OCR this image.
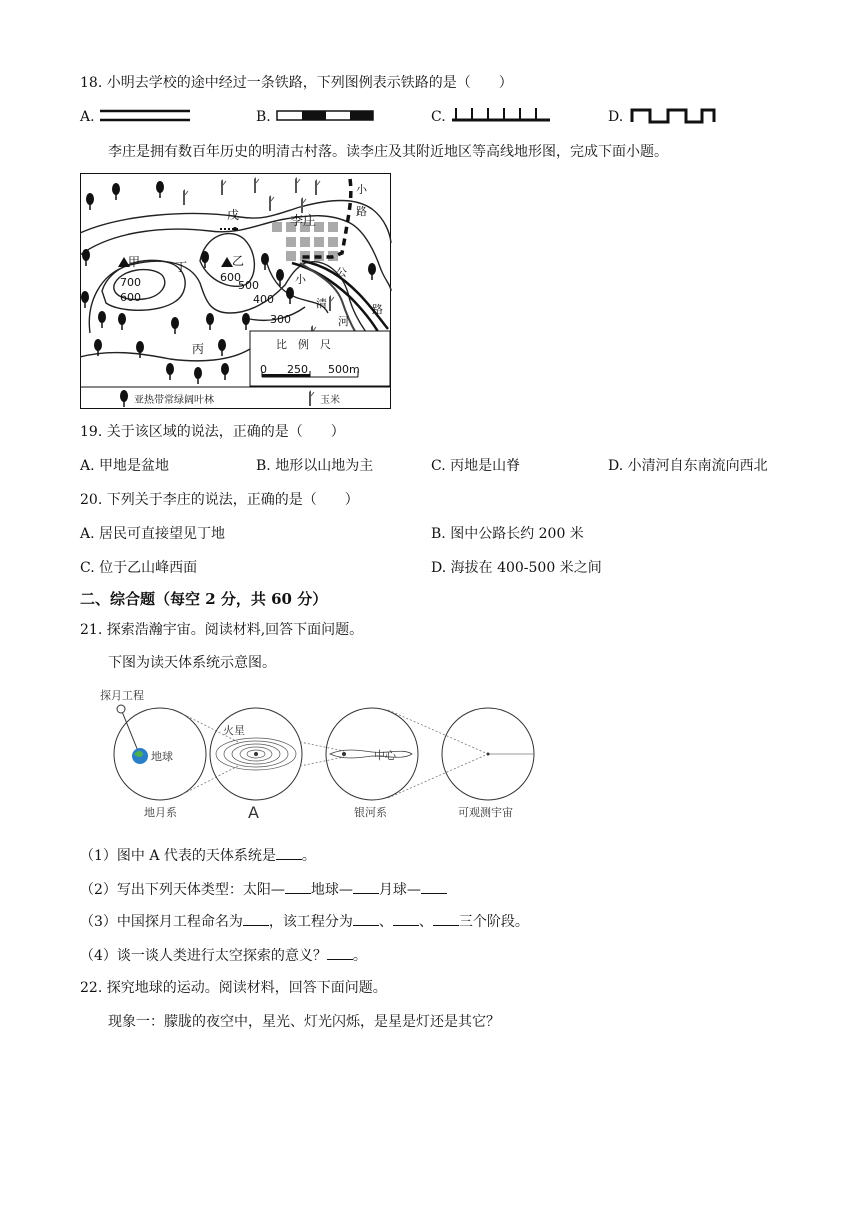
18. 小明去学校的途中经过一条铁路，下列图例表示铁路的是（　　）
A.	B.	C.	D.
李庄是拥有数百年历史的明清古村落。读李庄及其附近地区等高线地形图，完成下面小题。
戊	李庄
甲	乙
丁
丙
700
600
600
500
400
300
小
路
公
路
小
清
河
比　例　尺
0 250 500m
亚热带常绿阔叶林	玉米
19. 关于该区域的说法，正确的是（　　）
A. 甲地是盆地	B. 地形以山地为主	C. 丙地是山脊	D. 小清河自东南流向西北
20. 下列关于李庄的说法，正确的是（　　）
A. 居民可直接望见丁地	B. 图中公路长约 200 米
C. 位于乙山峰西面	D. 海拔在 400-500 米之间
二、综合题（每空 2 分，共 60 分）
21. 探索浩瀚宇宙。阅读材料,回答下面问题。
下图为读天体系统示意图。
探月工程
地球
地月系
火星
A
中心
银河系	可观测宇宙
（1）图中 A 代表的天体系统是 。
（2）写出下列天体类型：太阳— 地球— 月球—
（3）中国探月工程命名为 ，该工程分为 、 、 三个阶段。
（4）谈一谈人类进行太空探索的意义？ 。
22. 探究地球的运动。阅读材料，回答下面问题。
现象一：朦胧的夜空中，星光、灯光闪烁，是星是灯还是其它？
